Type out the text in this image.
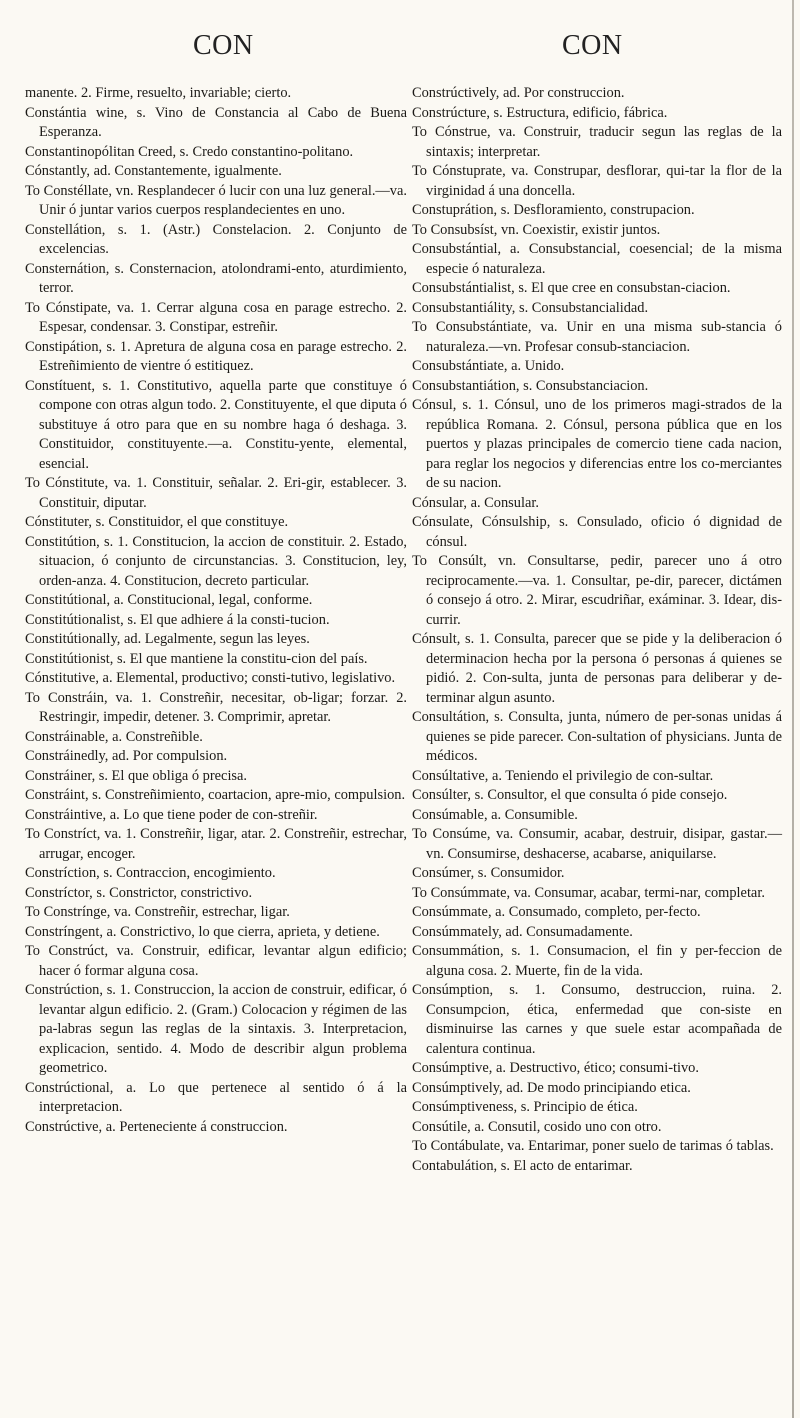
CON	CON

manente. 2. Firme, resuelto, invariable; cierto.

Constántia wine, s. Vino de Constancia al Cabo de Buena Esperanza.

Constantinopólitan Creed, s. Credo constantino-politano.

Cónstantly, ad. Constantemente, igualmente.

To Constéllate, vn. Resplandecer ó lucir con una luz general.—va. Unir ó juntar varios cuerpos resplandecientes en uno.

Constellátion, s. 1. (Astr.) Constelacion. 2. Conjunto de excelencias.

Consternátion, s. Consternacion, atolondrami-ento, aturdimiento, terror.

To Cónstipate, va. 1. Cerrar alguna cosa en parage estrecho. 2. Espesar, condensar. 3. Constipar, estreñir.

Constipátion, s. 1. Apretura de alguna cosa en parage estrecho. 2. Estreñimiento de vientre ó estitiquez.

Constítuent, s. 1. Constitutivo, aquella parte que constituye ó compone con otras algun todo. 2. Constituyente, el que diputa ó substituye á otro para que en su nombre haga ó deshaga. 3. Constituidor, constituyente.—a. Constitu-yente, elemental, esencial.

To Cónstitute, va. 1. Constituir, señalar. 2. Eri-gir, establecer. 3. Constituir, diputar.

Cónstituter, s. Constituidor, el que constituye.

Constitútion, s. 1. Constitucion, la accion de constituir. 2. Estado, situacion, ó conjunto de circunstancias. 3. Constitucion, ley, orden-anza. 4. Constitucion, decreto particular.

Constitútional, a. Constitucional, legal, conforme.

Constitútionalist, s. El que adhiere á la consti-tucion.

Constitútionally, ad. Legalmente, segun las leyes.

Constitútionist, s. El que mantiene la constitu-cion del país.

Cónstitutive, a. Elemental, productivo; consti-tutivo, legislativo.

To Constráin, va. 1. Constreñir, necesitar, ob-ligar; forzar. 2. Restringir, impedir, detener. 3. Comprimir, apretar.

Constráinable, a. Constreñible.

Constráinedly, ad. Por compulsion.

Constráiner, s. El que obliga ó precisa.

Constráint, s. Constreñimiento, coartacion, apre-mio, compulsion.

Constráintive, a. Lo que tiene poder de con-streñir.

To Constríct, va. 1. Constreñir, ligar, atar. 2. Constreñir, estrechar, arrugar, encoger.

Constríction, s. Contraccion, encogimiento.

Constríctor, s. Constrictor, constrictivo.

To Constrínge, va. Constreñir, estrechar, ligar.

Constríngent, a. Constrictivo, lo que cierra, aprieta, y detiene.

To Constrúct, va. Construir, edificar, levantar algun edificio; hacer ó formar alguna cosa.

Constrúction, s. 1. Construccion, la accion de construir, edificar, ó levantar algun edificio. 2. (Gram.) Colocacion y régimen de las pa-labras segun las reglas de la sintaxis. 3. Interpretacion, explicacion, sentido. 4. Modo de describir algun problema geometrico.

Constrúctional, a. Lo que pertenece al sentido ó á la interpretacion.

Constrúctive, a. Perteneciente á construccion.

Constrúctively, ad. Por construccion.

Constrúcture, s. Estructura, edificio, fábrica.

To Cónstrue, va. Construir, traducir segun las reglas de la sintaxis; interpretar.

To Cónstuprate, va. Construpar, desflorar, qui-tar la flor de la virginidad á una doncella.

Constuprátion, s. Desfloramiento, construpacion.

To Consubsíst, vn. Coexistir, existir juntos.

Consubstántial, a. Consubstancial, coesencial; de la misma especie ó naturaleza.

Consubstántialist, s. El que cree en consubstan-ciacion.

Consubstantiálity, s. Consubstancialidad.

To Consubstántiate, va. Unir en una misma sub-stancia ó naturaleza.—vn. Profesar consub-stanciacion.

Consubstántiate, a. Unido.

Consubstantiátion, s. Consubstanciacion.

Cónsul, s. 1. Cónsul, uno de los primeros magi-strados de la república Romana. 2. Cónsul, persona pública que en los puertos y plazas principales de comercio tiene cada nacion, para reglar los negocios y diferencias entre los co-merciantes de su nacion.

Cónsular, a. Consular.

Cónsulate, Cónsulship, s. Consulado, oficio ó dignidad de cónsul.

To Consúlt, vn. Consultarse, pedir, parecer uno á otro reciprocamente.—va. 1. Consultar, pe-dir, parecer, dictámen ó consejo á otro. 2. Mirar, escudriñar, exáminar. 3. Idear, dis-currir.

Cónsult, s. 1. Consulta, parecer que se pide y la deliberacion ó determinacion hecha por la persona ó personas á quienes se pidió. 2. Con-sulta, junta de personas para deliberar y de-terminar algun asunto.

Consultátion, s. Consulta, junta, número de per-sonas unidas á quienes se pide parecer. Con-sultation of physicians. Junta de médicos.

Consúltative, a. Teniendo el privilegio de con-sultar.

Consúlter, s. Consultor, el que consulta ó pide consejo.

Consúmable, a. Consumible.

To Consúme, va. Consumir, acabar, destruir, disipar, gastar.—vn. Consumirse, deshacerse, acabarse, aniquilarse.

Consúmer, s. Consumidor.

To Consúmmate, va. Consumar, acabar, termi-nar, completar.

Consúmmate, a. Consumado, completo, per-fecto.

Consúmmately, ad. Consumadamente.

Consummátion, s. 1. Consumacion, el fin y per-feccion de alguna cosa. 2. Muerte, fin de la vida.

Consúmption, s. 1. Consumo, destruccion, ruina. 2. Consumpcion, ética, enfermedad que con-siste en disminuirse las carnes y que suele estar acompañada de calentura continua.

Consúmptive, a. Destructivo, ético; consumi-tivo.

Consúmptively, ad. De modo principiando etica.

Consúmptiveness, s. Principio de ética.

Consútile, a. Consutil, cosido uno con otro.

To Contábulate, va. Entarimar, poner suelo de tarimas ó tablas.

Contabulátion, s. El acto de entarimar.
